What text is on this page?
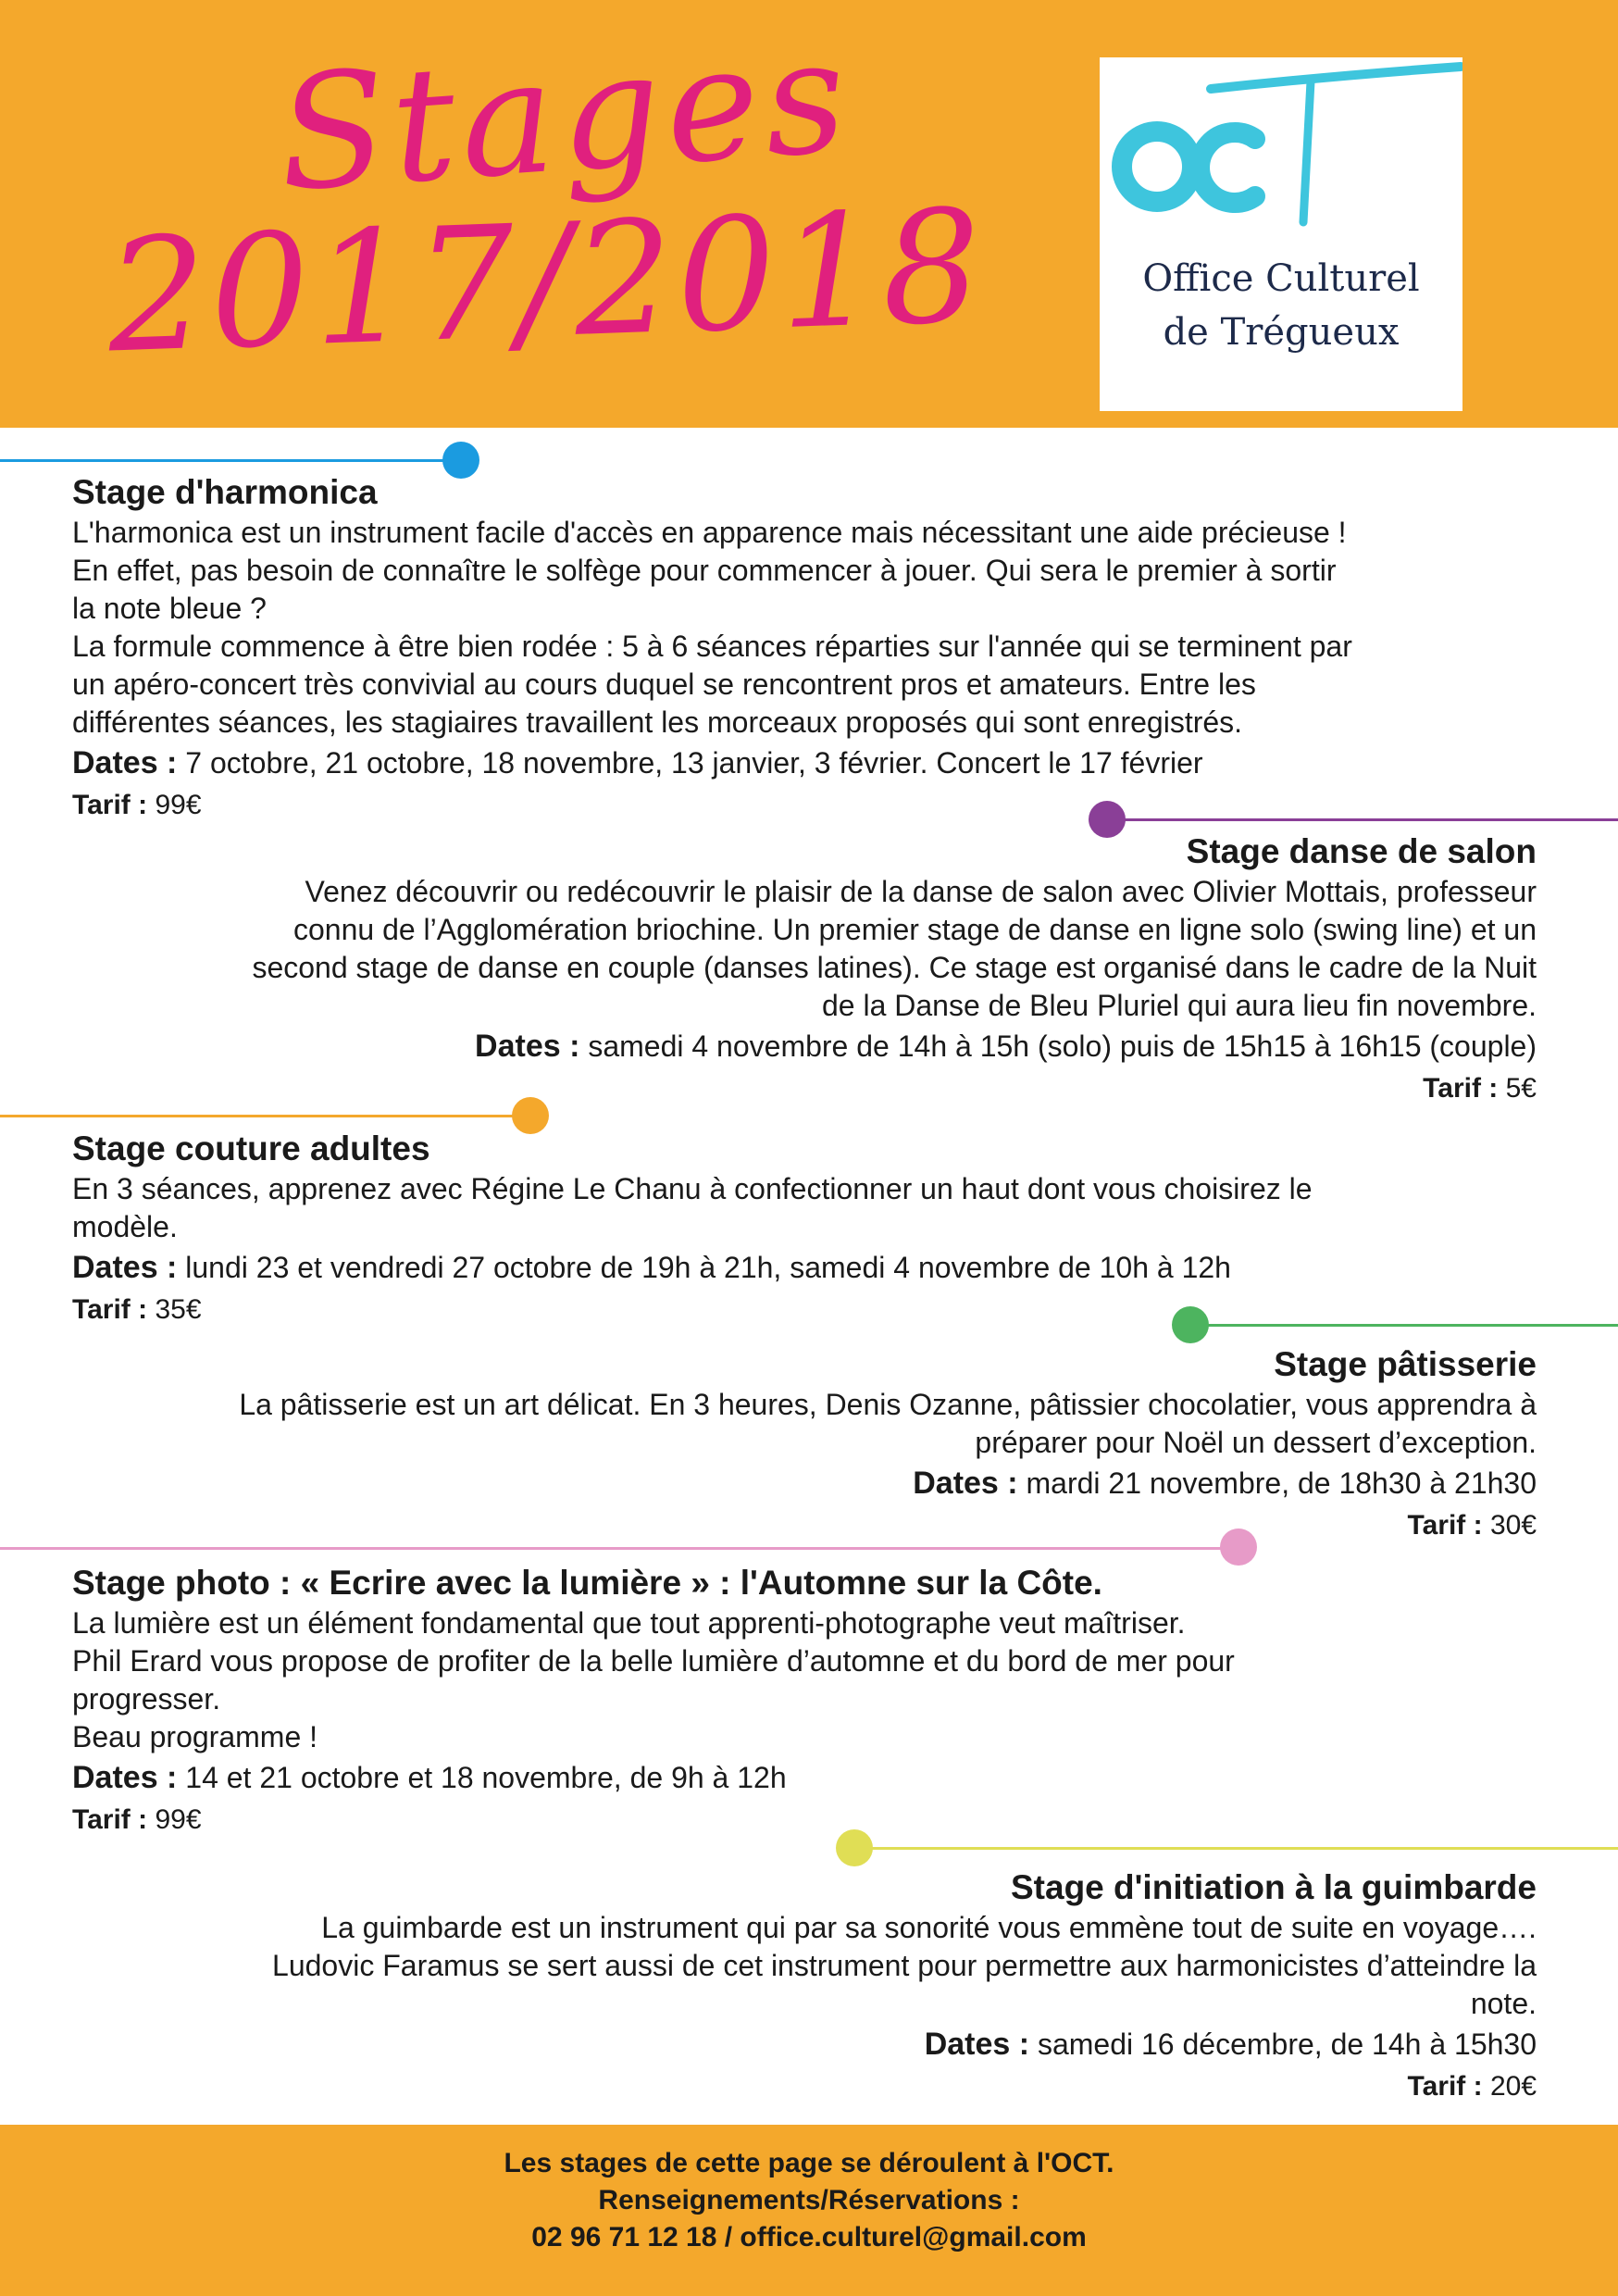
Stages
2017/2018	Office Culturel
de Trégueux
Stage d'harmonica

L'harmonica est un instrument facile d'accès en apparence mais nécessitant une aide précieuse !

En effet, pas besoin de connaître le solfège pour commencer à jouer. Qui sera le premier à sortir

la note bleue ?

La formule commence à être bien rodée : 5 à 6 séances réparties sur l'année qui se terminent par

un apéro-concert très convivial au cours duquel se rencontrent pros et amateurs. Entre les

différentes séances, les stagiaires travaillent les morceaux proposés qui sont enregistrés.

Dates : 7 octobre, 21 octobre, 18 novembre, 13 janvier, 3 février. Concert le 17 février
Tarif : 99€
Stage danse de salon

Venez découvrir ou redécouvrir le plaisir de la danse de salon avec Olivier Mottais, professeur

connu de l’Agglomération briochine. Un premier stage de danse en ligne solo (swing line) et un

second stage de danse en couple (danses latines). Ce stage est organisé dans le cadre de la Nuit

de la Danse de Bleu Pluriel qui aura lieu fin novembre.

Dates : samedi 4 novembre de 14h à 15h (solo) puis de 15h15 à 16h15 (couple)
Tarif : 5€
Stage couture adultes

En 3 séances, apprenez avec Régine Le Chanu à confectionner un haut dont vous choisirez le

modèle.

Dates : lundi 23 et vendredi 27 octobre de 19h à 21h, samedi 4 novembre de 10h à 12h
Tarif : 35€
Stage pâtisserie

La pâtisserie est un art délicat. En 3 heures, Denis Ozanne, pâtissier chocolatier, vous apprendra à

préparer pour Noël un dessert d’exception.

Dates : mardi 21 novembre, de 18h30 à 21h30
Tarif : 30€
Stage photo : « Ecrire avec la lumière » : l'Automne sur la Côte.

La lumière est un élément fondamental que tout apprenti-photographe veut maîtriser.

Phil Erard vous propose de profiter de la belle lumière d’automne et du bord de mer pour

progresser.

Beau programme !

Dates : 14 et 21 octobre et 18 novembre, de 9h à 12h
Tarif : 99€
Stage d'initiation à la guimbarde

La guimbarde est un instrument qui par sa sonorité vous emmène tout de suite en voyage….

Ludovic Faramus se sert aussi de cet instrument pour permettre aux harmonicistes d’atteindre la

note.

Dates : samedi 16 décembre, de 14h à 15h30
Tarif : 20€
Les stages de cette page se déroulent à l'OCT.
Renseignements/Réservations :
02 96 71 12 18 / office.culturel@gmail.com
